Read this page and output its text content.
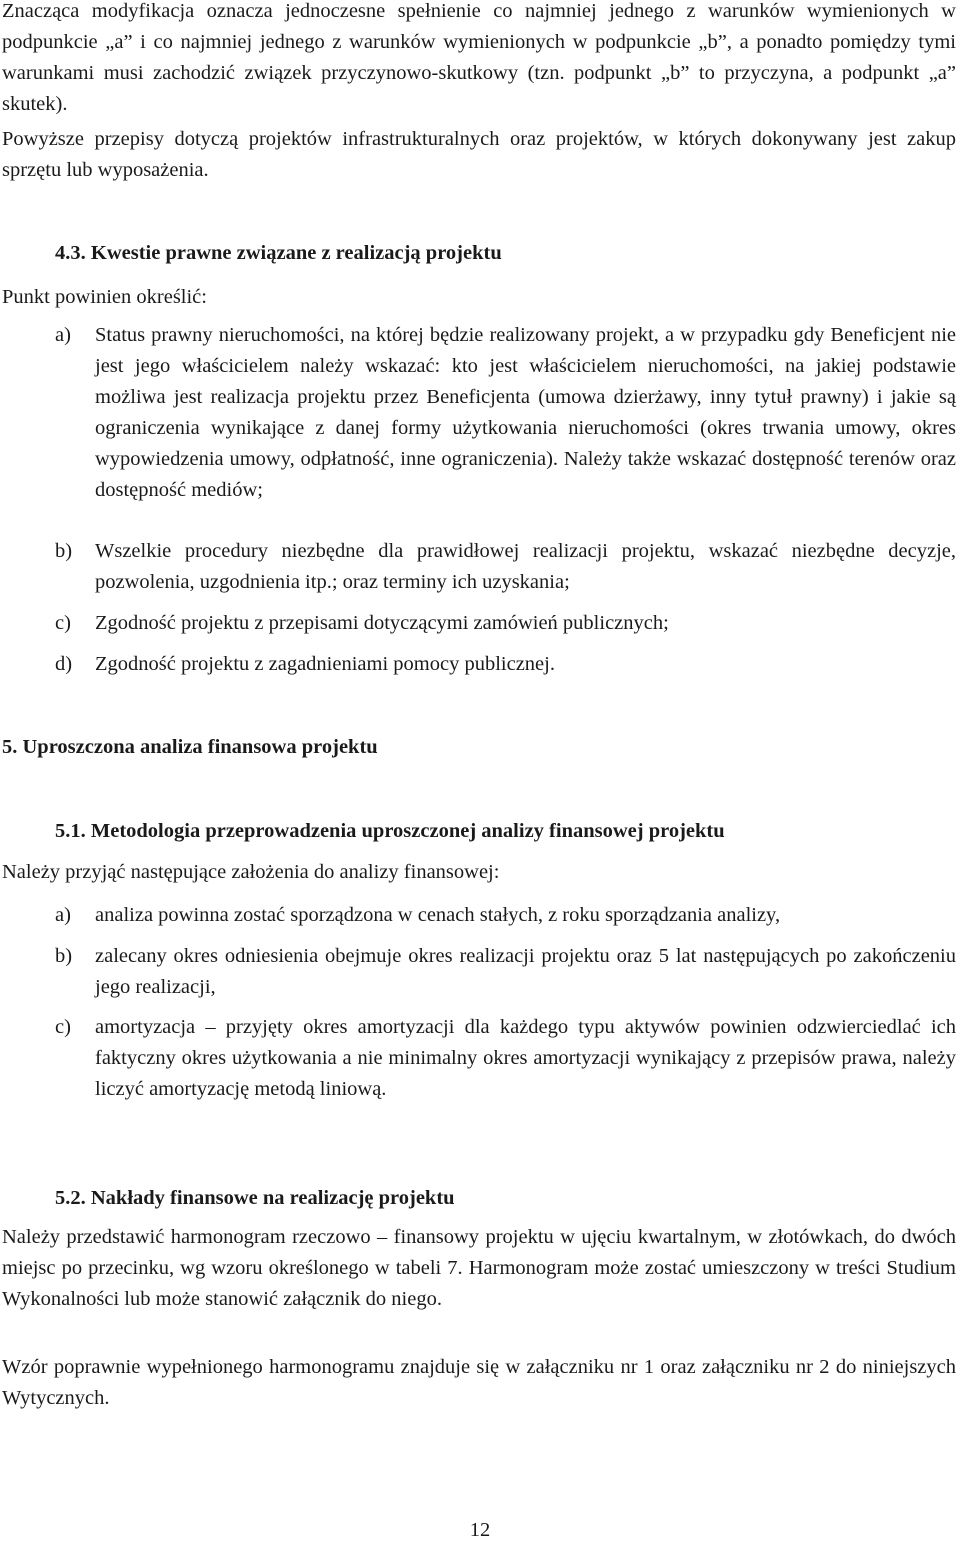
Znacząca modyfikacja oznacza jednoczesne spełnienie co najmniej jednego z warunków wymienionych w podpunkcie „a” i co najmniej jednego z warunków wymienionych w podpunkcie „b”, a ponadto pomiędzy tymi warunkami musi zachodzić związek przyczynowo-skutkowy (tzn. podpunkt „b” to przyczyna, a podpunkt „a” skutek).
Powyższe przepisy dotyczą projektów infrastrukturalnych oraz projektów, w których dokonywany jest zakup sprzętu lub wyposażenia.
4.3. Kwestie prawne związane z realizacją projektu
Punkt powinien określić:
a) Status prawny nieruchomości, na której będzie realizowany projekt, a w przypadku gdy Beneficjent nie jest jego właścicielem należy wskazać: kto jest właścicielem nieruchomości, na jakiej podstawie możliwa jest realizacja projektu przez Beneficjenta (umowa dzierżawy, inny tytuł prawny) i jakie są ograniczenia wynikające z danej formy użytkowania nieruchomości (okres trwania umowy, okres wypowiedzenia umowy, odpłatność, inne ograniczenia). Należy także wskazać dostępność terenów oraz dostępność mediów;
b) Wszelkie procedury niezbędne dla prawidłowej realizacji projektu, wskazać niezbędne decyzje, pozwolenia, uzgodnienia itp.; oraz terminy ich uzyskania;
c) Zgodność projektu z przepisami dotyczącymi zamówień publicznych;
d) Zgodność projektu z zagadnieniami pomocy publicznej.
5. Uproszczona analiza finansowa projektu
5.1. Metodologia przeprowadzenia uproszczonej analizy finansowej projektu
Należy przyjąć następujące założenia do analizy finansowej:
a) analiza powinna zostać sporządzona w cenach stałych, z roku sporządzania analizy,
b) zalecany okres odniesienia obejmuje okres realizacji projektu oraz 5 lat następujących po zakończeniu jego realizacji,
c) amortyzacja – przyjęty okres amortyzacji dla każdego typu aktywów powinien odzwierciedlać ich faktyczny okres użytkowania a nie minimalny okres amortyzacji wynikający z przepisów prawa, należy liczyć amortyzację metodą liniową.
5.2. Nakłady finansowe na realizację projektu
Należy przedstawić harmonogram rzeczowo – finansowy projektu w ujęciu kwartalnym, w złotówkach, do dwóch miejsc po przecinku, wg wzoru określonego w tabeli 7. Harmonogram może zostać umieszczony w treści Studium Wykonalności lub może stanowić załącznik do niego.
Wzór poprawnie wypełnionego harmonogramu znajduje się w załączniku nr 1 oraz załączniku nr 2 do niniejszych Wytycznych.
12
